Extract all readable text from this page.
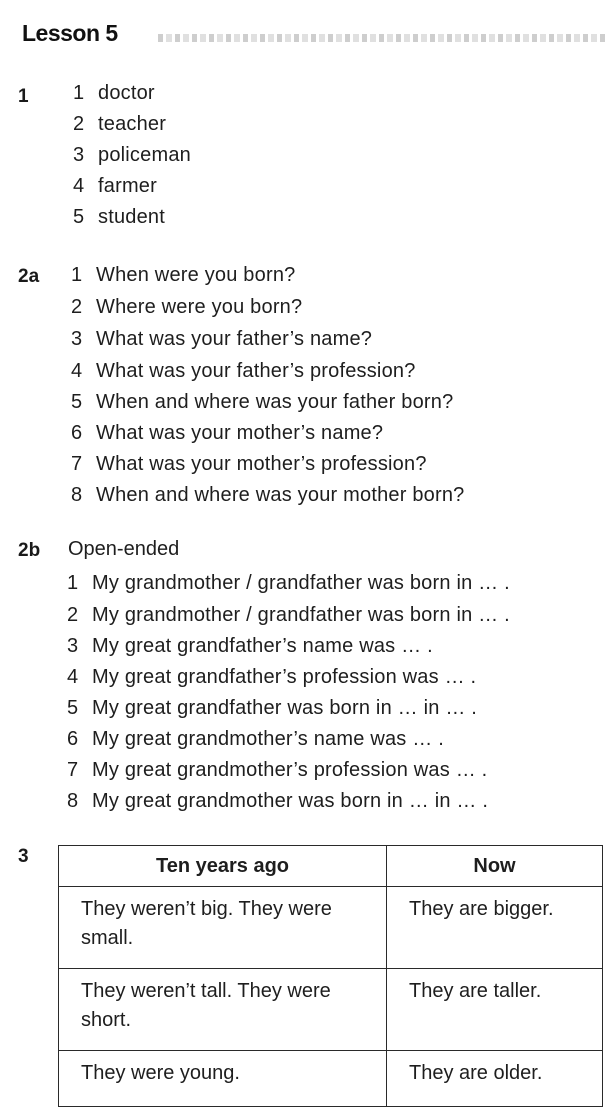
Lesson 5

1 1 doctor

2 teacher

3 policeman

4 farmer

5 student

2a 1 When were you born?

2 Where were you born?

3 What was your father’s name?

4 What was your father’s profession?

5 When and where was your father born?

6 What was your mother’s name?

7 What was your mother’s profession?

8 When and where was your mother born?

2b Open-ended

1 My grandmother / grandfather was born in … .

2 My grandmother / grandfather was born in … .

3 My great grandfather’s name was … .

4 My great grandfather’s profession was … .

5 My great grandfather was born in … in … .

6 My great grandmother’s name was … .

7 My great grandmother’s profession was … .

8 My great grandmother was born in … in … .

3	Ten years ago	Now
They weren’t big. They were small.	They are bigger.
They weren’t tall. They were short.	They are taller.
They were young.	They are older.
